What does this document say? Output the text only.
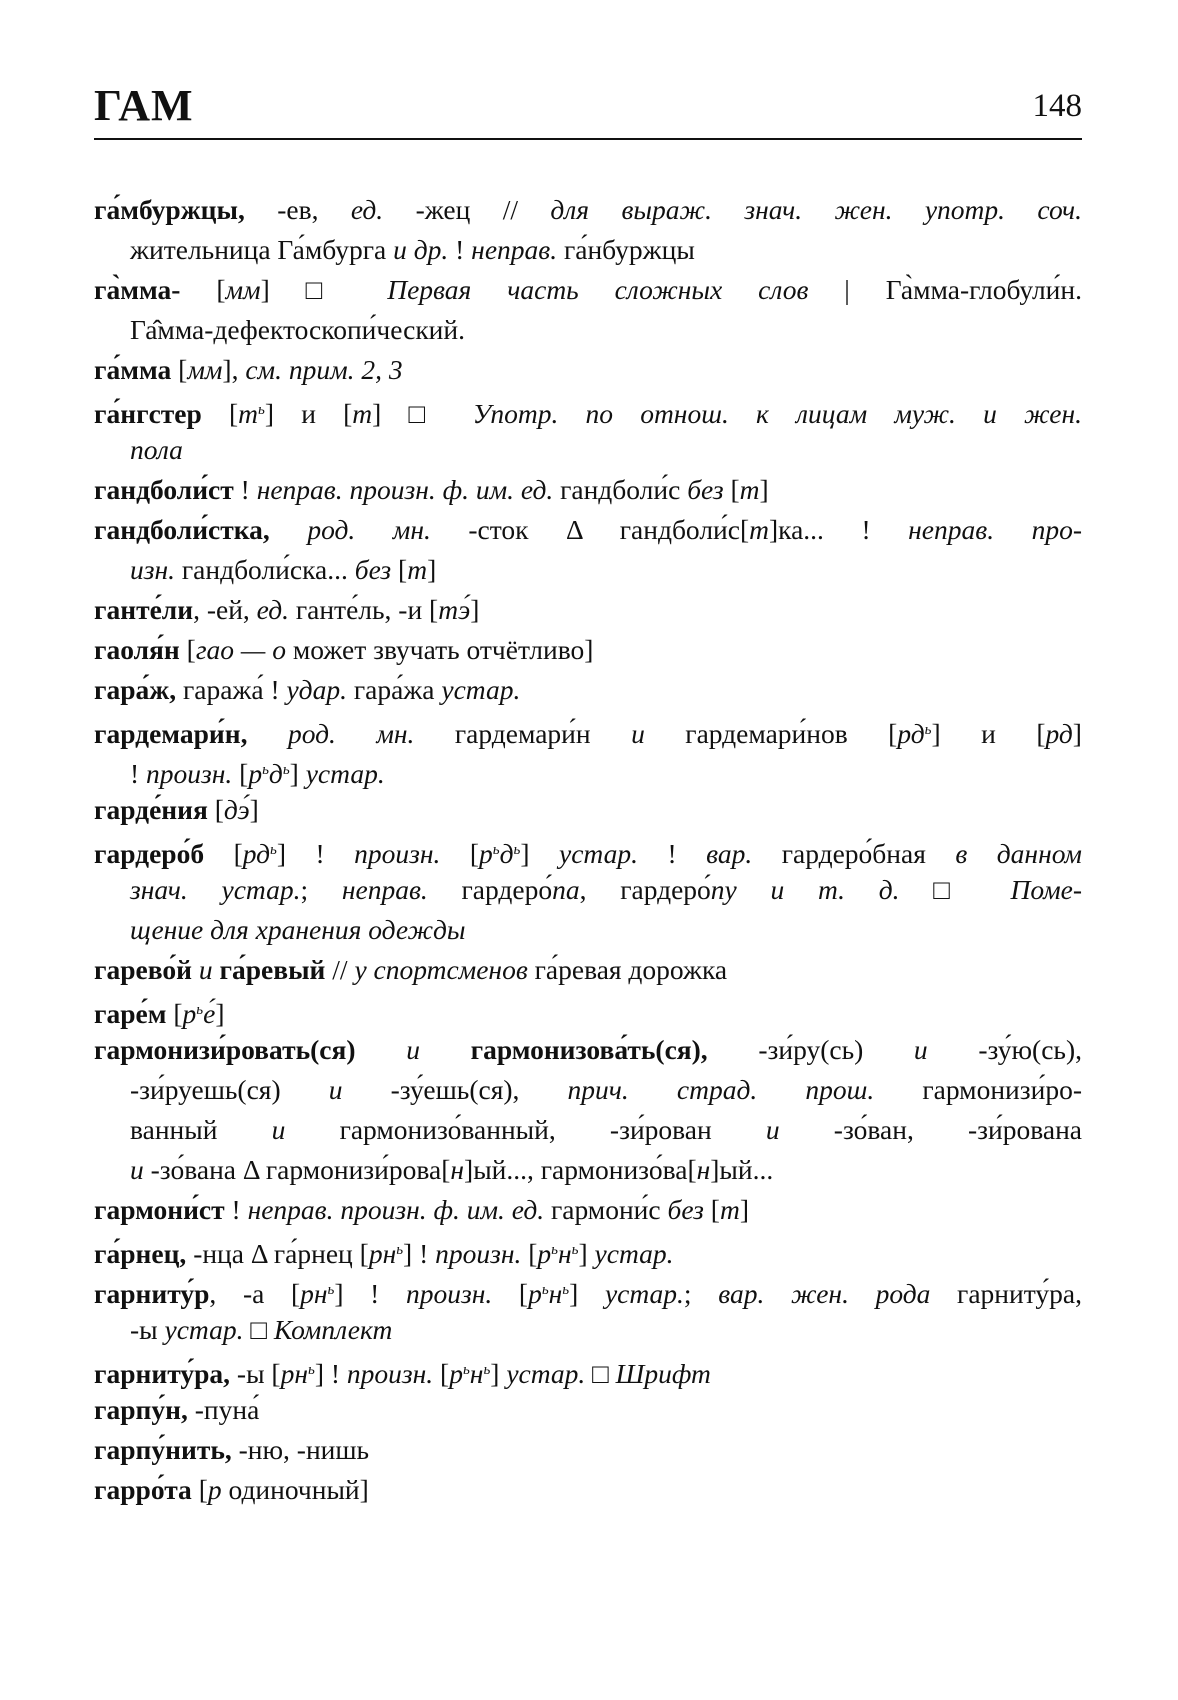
ГАМ	148
га́мбуржцы, -ев, ед. -жец // для выраж. знач. жен. употр. соч.
жительница Га́мбурга и др. ! неправ. га́нбуржцы
га̀мма- [мм] □ Первая часть сложных слов | Га̀мма-глобули́н.
Га̂мма-дефектоскопи́ческий.
га́мма [мм], см. прим. 2, 3
га́нгстер $[т^ь]$ и [т] □ Употр. по отнош. к лицам муж. и жен.
пола
гандболи́ст ! неправ. произн. ф. им. ед. гандболи́с без [т]
гандболи́стка, род. мн. -сток Δ гандболи́с[т]ка... ! неправ. про-
изн. гандболи́ска... без [т]
ганте́ли, -ей, ед. ганте́ль, -и [тэ́]
гаоля́н [гао — о может звучать отчётливо]
гара́ж, гаража́ ! удар. гара́жа устар.
гардемари́н, род. мн. гардемари́н и гардемари́нов $[рд^ь]$ и [рд]
! произн. $[р^ьд^ь]$ устар.
гарде́ния [дэ́]
гардеро́б $[рд^ь]$ ! произн. $[р^ьд^ь]$ устар. ! вар. гардеро́бная в данном
знач. устар.; неправ. гардеро́па, гардеро́пу и т. д. □ Поме-
щение для хранения одежды
гарево́й и га́ревый // у спортсменов га́ревая дорожка
гаре́м $[р^ье́]$
гармонизи́ровать(ся) и гармонизова́ть(ся), -зи́ру(сь) и -зу́ю(сь),
-зи́руешь(ся) и -зу́ешь(ся), прич. страд. прош. гармонизи́ро-
ванный и гармонизо́ванный, -зи́рован и -зо́ван, -зи́рована
и -зо́вана Δ гармонизи́рова[н]ый..., гармонизо́ва[н]ый...
гармони́ст ! неправ. произн. ф. им. ед. гармони́с без [т]
га́рнец, -нца Δ га́рнец $[рн^ь]$ ! произн. $[р^ьн^ь]$ устар.
гарниту́р, -а $[рн^ь]$ ! произн. $[р^ьн^ь]$ устар.; вар. жен. рода гарниту́ра,
-ы устар. □ Комплект
гарниту́ра, -ы $[рн^ь]$ ! произн. $[р^ьн^ь]$ устар. □ Шрифт
гарпу́н, -пуна́
гарпу́нить, -ню, -нишь
гарро́та [р одиночный]
